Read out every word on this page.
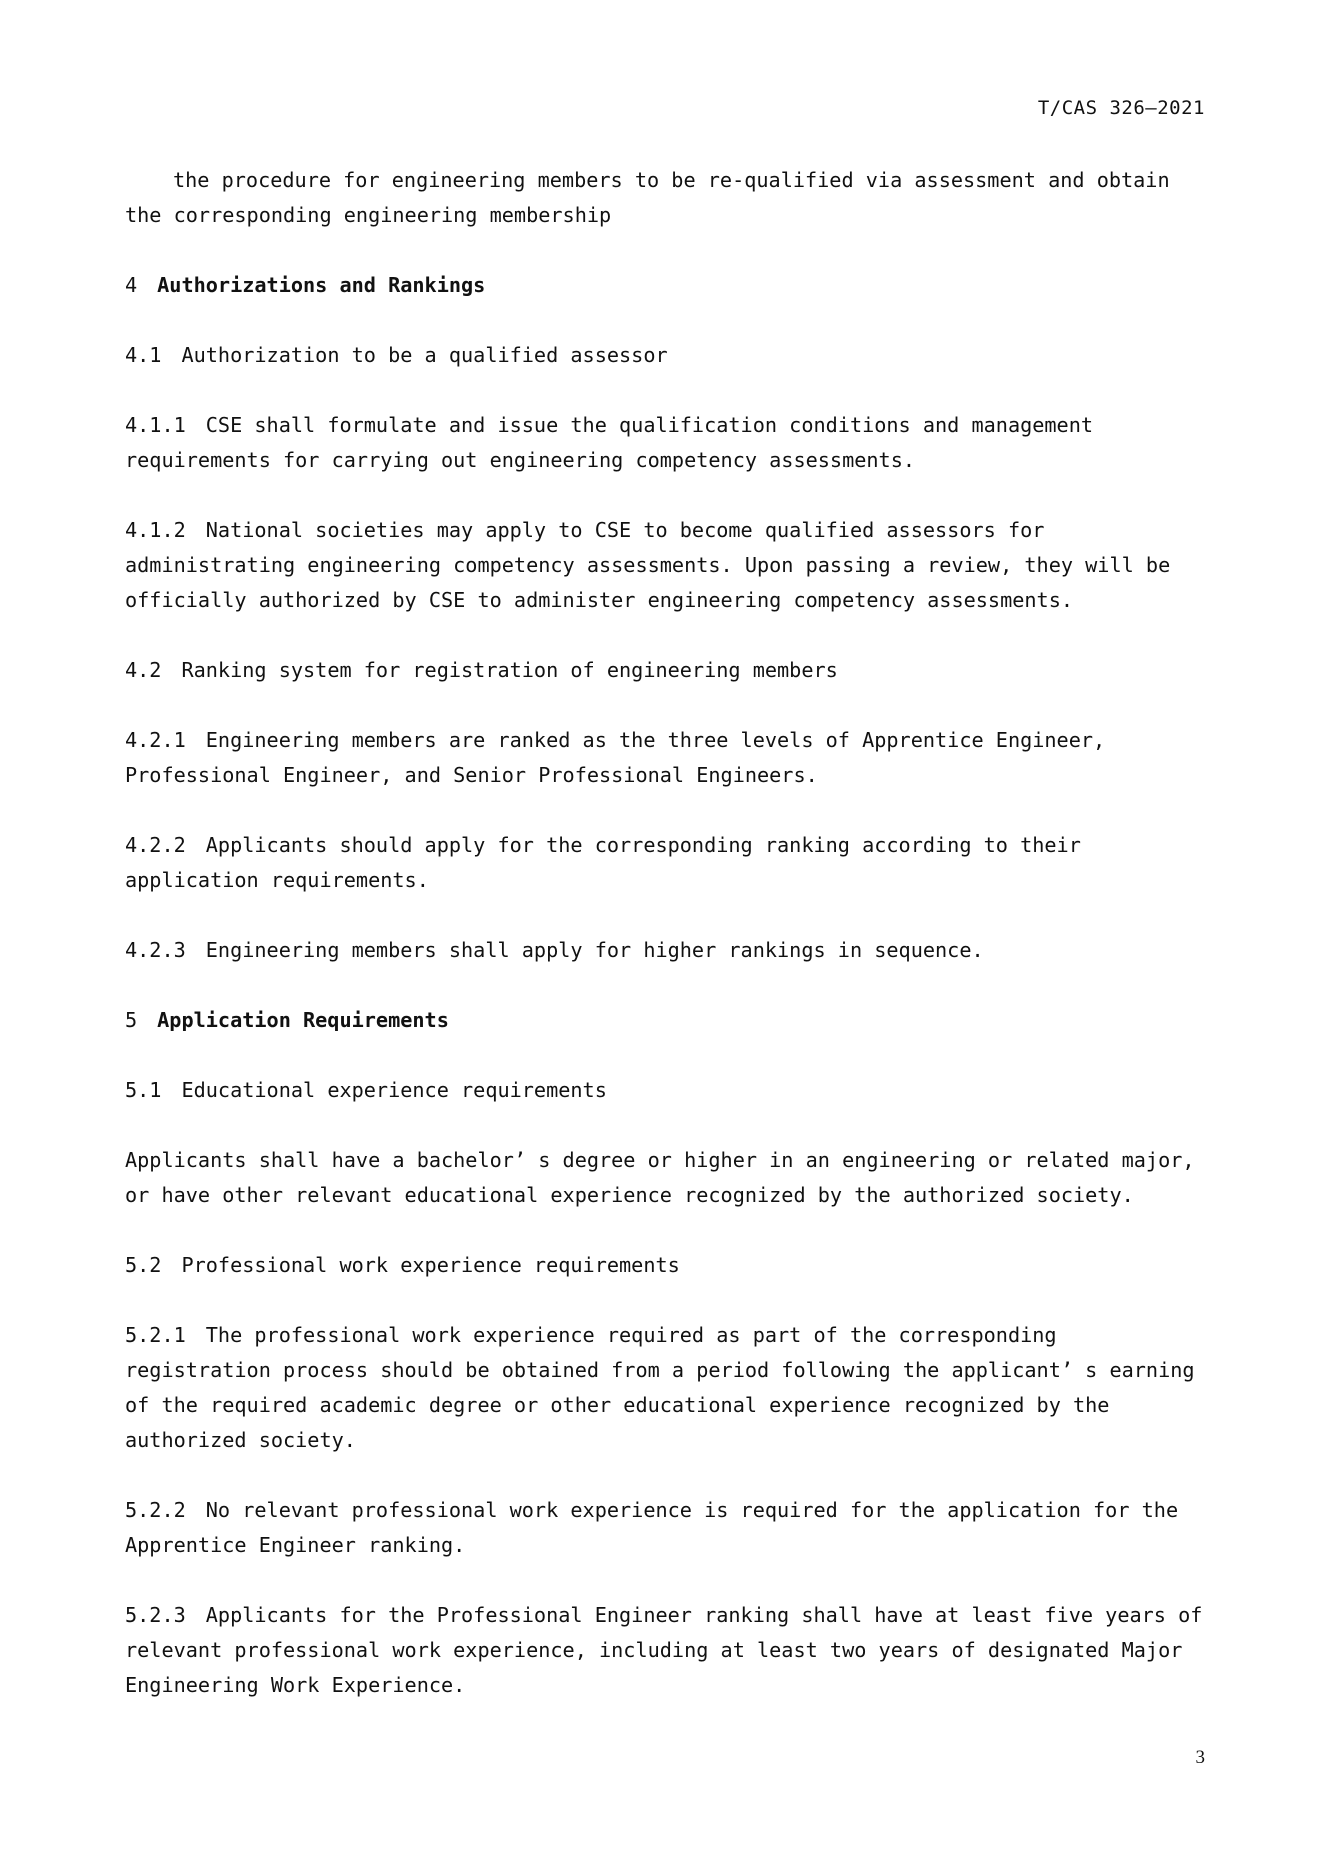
T/CAS 326—2021

the procedure for engineering members to be re-qualified via assessment and obtain the corresponding engineering membership

4 Authorizations and Rankings

4.1 Authorization to be a qualified assessor

4.1.1 CSE shall formulate and issue the qualification conditions and management requirements for carrying out engineering competency assessments.

4.1.2 National societies may apply to CSE to become qualified assessors for administrating engineering competency assessments. Upon passing a review, they will be officially authorized by CSE to administer engineering competency assessments.

4.2 Ranking system for registration of engineering members

4.2.1 Engineering members are ranked as the three levels of Apprentice Engineer, Professional Engineer, and Senior Professional Engineers.

4.2.2 Applicants should apply for the corresponding ranking according to their application requirements.

4.2.3 Engineering members shall apply for higher rankings in sequence.

5 Application Requirements

5.1 Educational experience requirements

Applicants shall have a bachelor’ s degree or higher in an engineering or related major, or have other relevant educational experience recognized by the authorized society.

5.2 Professional work experience requirements

5.2.1 The professional work experience required as part of the corresponding registration process should be obtained from a period following the applicant’ s earning of the required academic degree or other educational experience recognized by the authorized society.

5.2.2 No relevant professional work experience is required for the application for the Apprentice Engineer ranking.

5.2.3 Applicants for the Professional Engineer ranking shall have at least five years of relevant professional work experience, including at least two years of designated Major Engineering Work Experience.

3
